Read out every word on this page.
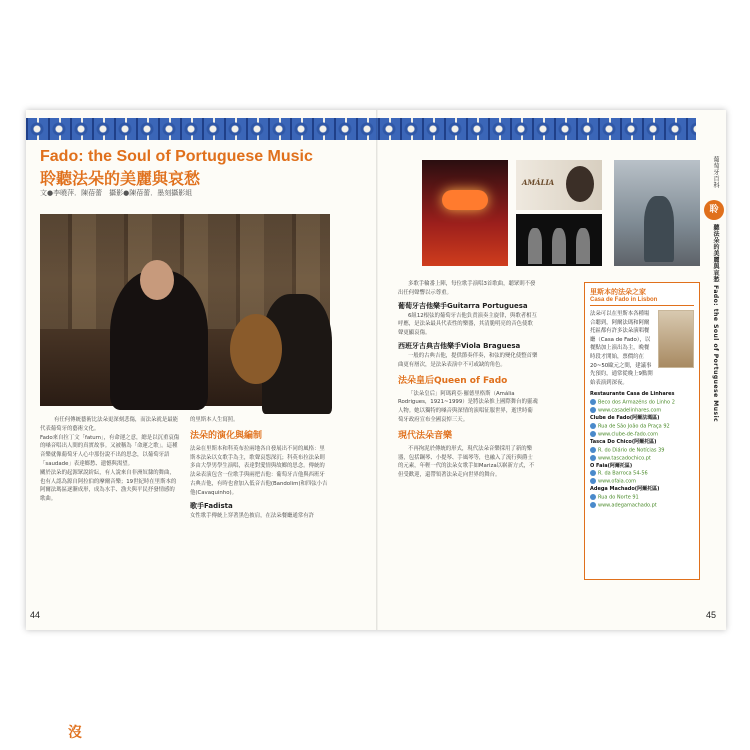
Fado: the Soul of Portuguese Music
聆聽法朵的美麗與哀愁
文●李曉萍．陳蓓蕾　攝影●陳蓓蕾．墨刻攝影組

沒
有任何傳統藝術比法朵更深刻悲傷，而法朵就是最能代表葡萄牙的藝術文化。

Fado來自拉丁文「fatum」，有命運之意，總是以沉重哀傷的嗓音唱出人間的真實故事。又被稱為「命運之歌」。這種音樂就像葡萄牙人心中那份說不出的思念，以葡萄牙語「saudade」表達鄉愁、遺憾與渴望。

關於法朵的起源眾說紛紜，有人說來自非洲奴隸的舞曲，也有人認為源自阿拉伯的摩爾音樂；19世紀時在里斯本的阿爾法瑪區逐漸成形，成為水手、漁夫與平民抒發情感的歌曲。

的里斯本人生寫照。

法朵的演化與編制

法朵在里斯本和科英布拉兩地各自發展出不同的風格：里斯本法朵以女歌手為主，歌聲哀怨深沉；科英布拉法朵則多由大學男學生演唱，表達對愛情與故鄉的思念。傳統的法朵表演包含一位歌手與兩把吉他：葡萄牙吉他與西班牙古典吉他，有時也會加入低音吉他(Bandolim)和四弦小吉他(Cavaquinho)。

歌手Fadista

女性歌手傳統上穿著黑色披肩，在法朵餐廳通常有許

AMÁLIA	葡萄牙百科
聆
聽法朵的美麗與哀愁 Fado: the Soul of Portuguese Music

多歌手輪番上陣，每位歌手演唱3首歌曲，聽眾則不發出任何聲響以示尊重。

葡萄牙吉他樂手Guitarra Portuguesa

6組12根弦的葡萄牙吉他負責演奏主旋律，與歌者相互呼應，是法朵最具代表性的樂器，其清脆明亮的音色使歌聲更顯哀傷。

西班牙古典吉他樂手Viola Braguesa

一般的古典吉他，提供節奏伴奏，和弦的變化使整首樂曲更有層次，是法朵表演中不可或缺的角色。

法朵皇后Queen of Fado

「法朵皇后」阿瑪莉亞·羅德里格斯（Amália Rodrigues，1921~1999）是將法朵推上國際舞台的靈魂人物。她以獨特的嗓音與深情的演唱征服世界，逝世時葡萄牙政府宣布全國哀悼三天。

現代法朵音樂

不再拘泥於傳統的形式，現代法朵音樂採用了新的樂器，包括鋼琴、小提琴、手風琴等，也融入了流行與爵士的元素，年輕一代的法朵女歌手如Mariza以嶄新方式，不但受歡迎，還帶領著法朵走向世界的舞台。

里斯本的法朵之家
Casa de Fado in Lisbon
法朵可以在里斯本各種場合聽到，阿爾法瑪和阿爾托區都有許多法朵演唱餐廳（Casa de Fado），以餐點加上演出為主，晚餐時段才開始，票價約在20~50歐元之間，建議事先預約，通常從晚上9點開始表演到深夜。
Restaurante Casa de Linhares
Beco dos Armazéns do Linho 2
www.casadelinhares.com
Clube de Fado(阿爾法瑪區)
Rua de São João da Praça 92
www.clube-de-fado.com
Tasca Do Chico(阿爾托區)
R. do Diário de Notícias 39
www.tascadochico.pt
O Faia(阿爾托區)
R. da Barroca 54-56
www.ofaia.com
Adega Machado(阿爾托區)
Rua do Norte 91
www.adegamachado.pt
44	45
